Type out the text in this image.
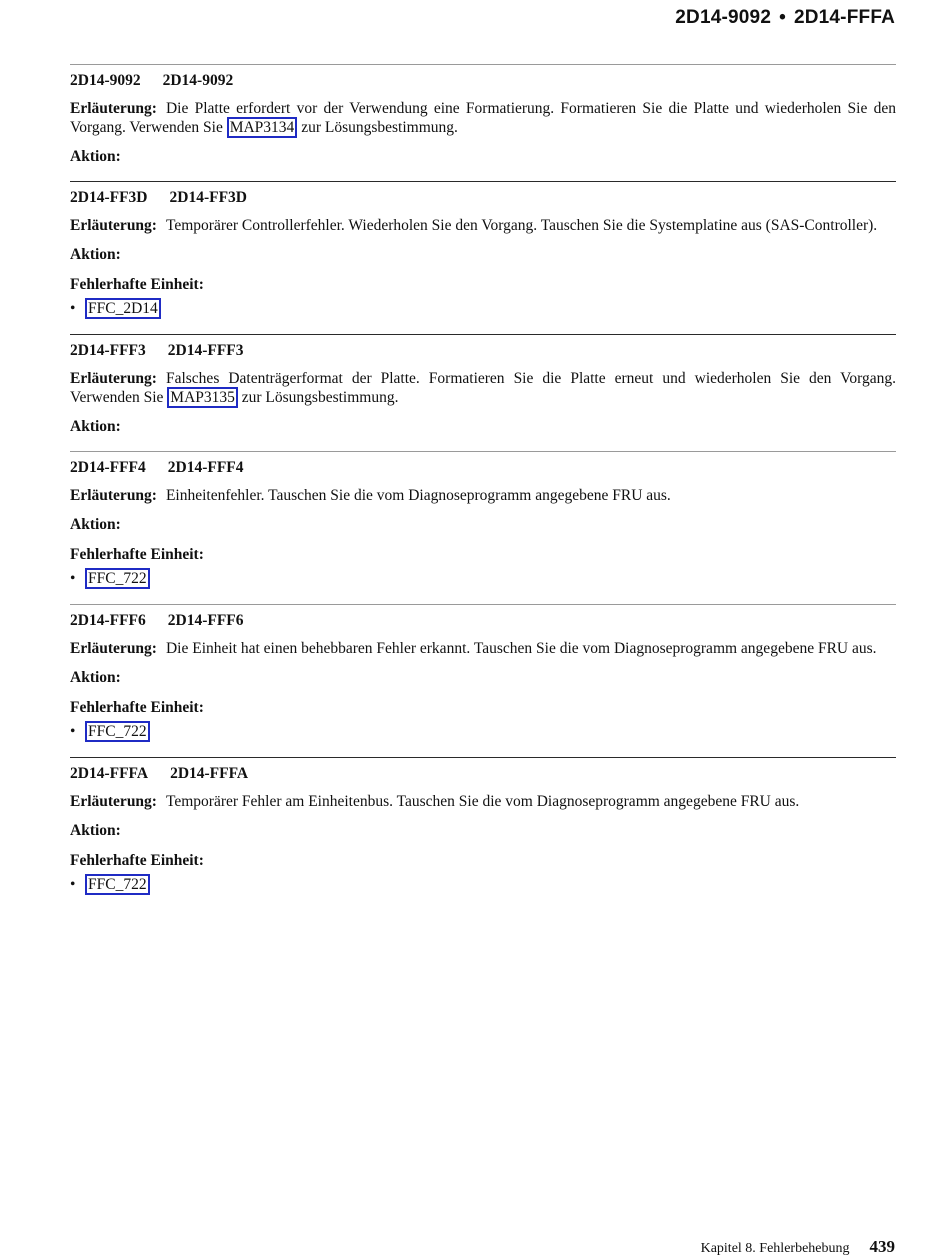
2D14-9092 • 2D14-FFFA
2D14-9092 2D14-9092

Erläuterung: Die Platte erfordert vor der Verwendung eine Formatierung. Formatieren Sie die Platte und wiederholen Sie den Vorgang. Verwenden Sie MAP3134 zur Lösungsbestimmung.

Aktion:
2D14-FF3D 2D14-FF3D

Erläuterung: Temporärer Controllerfehler. Wiederholen Sie den Vorgang. Tauschen Sie die Systemplatine aus (SAS-Controller).

Aktion:
Fehlerhafte Einheit:
• FFC_2D14
2D14-FFF3 2D14-FFF3

Erläuterung: Falsches Datenträgerformat der Platte. Formatieren Sie die Platte erneut und wiederholen Sie den Vorgang. Verwenden Sie MAP3135 zur Lösungsbestimmung.

Aktion:
2D14-FFF4 2D14-FFF4

Erläuterung: Einheitenfehler. Tauschen Sie die vom Diagnoseprogramm angegebene FRU aus.

Aktion:
Fehlerhafte Einheit:
• FFC_722
2D14-FFF6 2D14-FFF6

Erläuterung: Die Einheit hat einen behebbaren Fehler erkannt. Tauschen Sie die vom Diagnoseprogramm angegebene FRU aus.

Aktion:
Fehlerhafte Einheit:
• FFC_722
2D14-FFFA 2D14-FFFA

Erläuterung: Temporärer Fehler am Einheitenbus. Tauschen Sie die vom Diagnoseprogramm angegebene FRU aus.

Aktion:
Fehlerhafte Einheit:
• FFC_722
Kapitel 8. Fehlerbehebung 439
